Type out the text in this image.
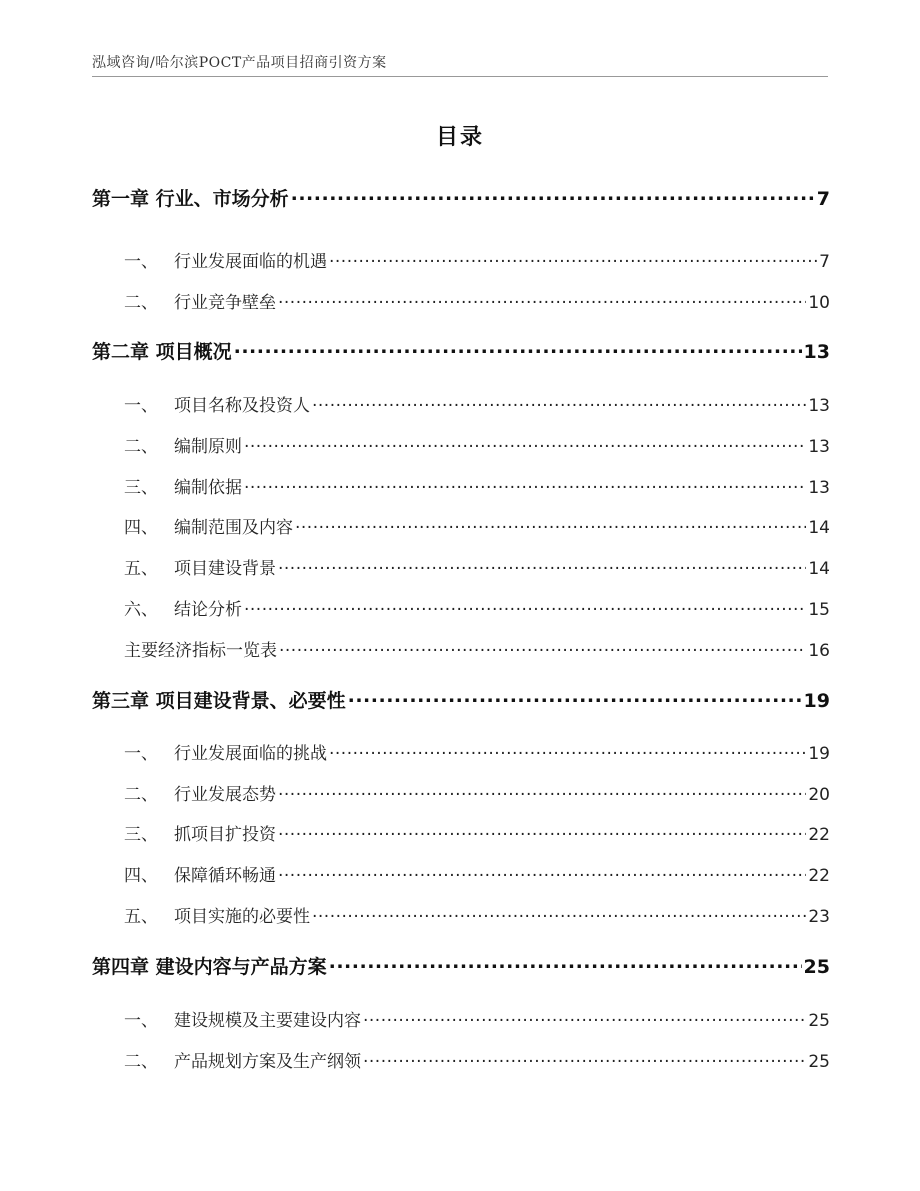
泓域咨询/哈尔滨POCT产品项目招商引资方案
目录
第一章 行业、市场分析 .....	7
一、 行业发展面临的机遇 .....	7
二、 行业竞争壁垒 .....	10
第二章 项目概况 .....	13
一、 项目名称及投资人 .....	13
二、 编制原则 .....	13
三、 编制依据 .....	13
四、 编制范围及内容 .....	14
五、 项目建设背景 .....	14
六、 结论分析 .....	15
主要经济指标一览表 .....	16
第三章 项目建设背景、必要性 .....	19
一、 行业发展面临的挑战 .....	19
二、 行业发展态势 .....	20
三、 抓项目扩投资 .....	22
四、 保障循环畅通 .....	22
五、 项目实施的必要性 .....	23
第四章 建设内容与产品方案 .....	25
一、 建设规模及主要建设内容 .....	25
二、 产品规划方案及生产纲领 .....	25
